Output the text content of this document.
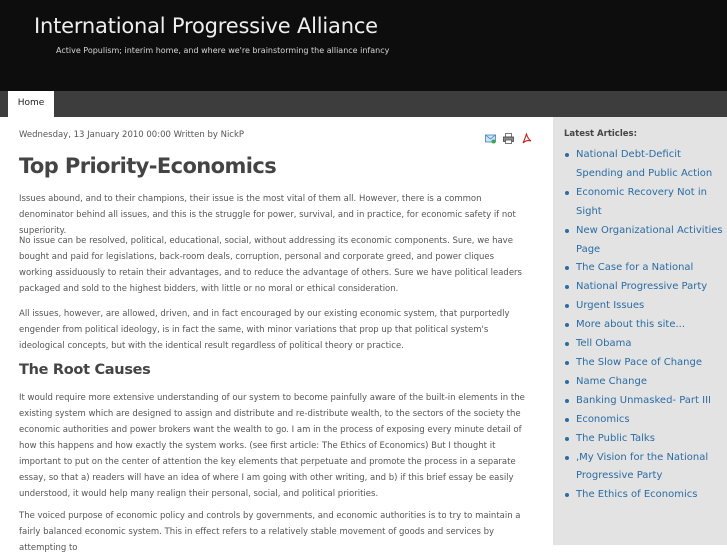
International Progressive Alliance
Active Populism; interim home, and where we're brainstorming the alliance infancy
Home
Wednesday, 13 January 2010 00:00 Written by NickP

Top Priority-Economics

Issues abound, and to their champions, their issue is the most vital of them all. However, there is a common denominator behind all issues, and this is the struggle for power, survival, and in practice, for economic safety if not superiority.

No issue can be resolved, political, educational, social, without addressing its economic components. Sure, we have bought and paid for legislations, back-room deals, corruption, personal and corporate greed, and power cliques working assiduously to retain their advantages, and to reduce the advantage of others. Sure we have political leaders packaged and sold to the highest bidders, with little or no moral or ethical consideration.

All issues, however, are allowed, driven, and in fact encouraged by our existing economic system, that purportedly engender from political ideology, is in fact the same, with minor variations that prop up that political system's ideological concepts, but with the identical result regardless of political theory or practice.

The Root Causes

It would require more extensive understanding of our system to become painfully aware of the built-in elements in the existing system which are designed to assign and distribute and re-distribute wealth, to the sectors of the society the economic authorities and power brokers want the wealth to go. I am in the process of exposing every minute detail of how this happens and how exactly the system works. (see first article: The Ethics of Economics) But I thought it important to put on the center of attention the key elements that perpetuate and promote the process in a separate essay, so that a) readers will have an idea of where I am going with other writing, and b) if this brief essay be easily understood, it would help many realign their personal, social, and political priorities.

The voiced purpose of economic policy and controls by governments, and economic authorities is to try to maintain a fairly balanced economic system. This in effect refers to a relatively stable movement of goods and services by attempting to

Latest Articles:
National Debt-Deficit Spending and Public Action
Economic Recovery Not in Sight
New Organizational Activities Page
The Case for a National
National Progressive Party
Urgent Issues
More about this site...
Tell Obama
The Slow Pace of Change
Name Change
Banking Unmasked- Part III
Economics
The Public Talks
,My Vision for the National Progressive Party
The Ethics of Economics
